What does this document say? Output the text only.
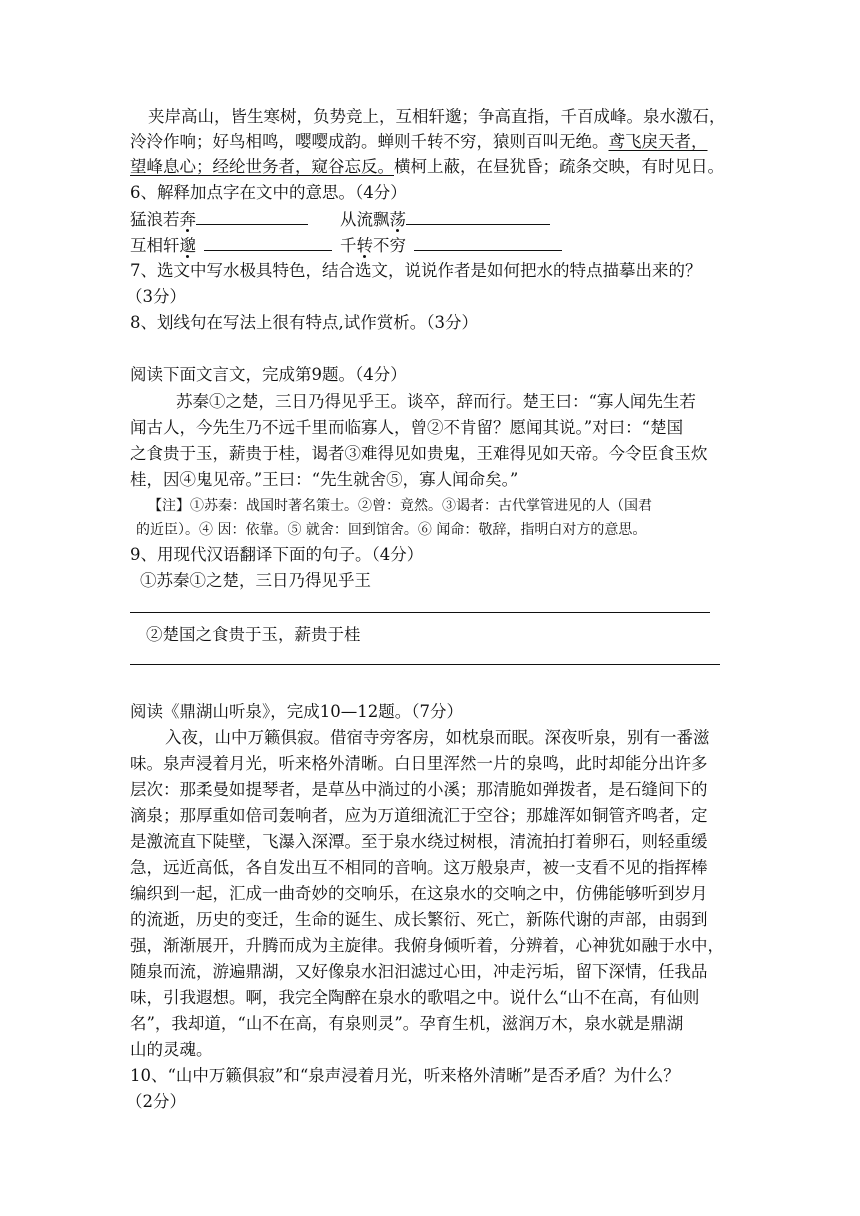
夹岸高山，皆生寒树，负势竞上，互相轩邈；争高直指，千百成峰。泉水激石，
泠泠作响；好鸟相鸣，嘤嘤成韵。蝉则千转不穷，猿则百叫无绝。鸢飞戾天者，
望峰息心；经纶世务者，窥谷忘反。横柯上蔽，在昼犹昏；疏条交映，有时见日。
6、解释加点字在文中的意思。（4分）
猛浪若奔	从流飘荡
互相轩邈	千转不穷
7、选文中写水极具特色，结合选文，说说作者是如何把水的特点描摹出来的？
（3分）
8、划线句在写法上很有特点,试作赏析。（3分）
阅读下面文言文，完成第9题。（4分）
苏秦①之楚，三日乃得见乎王。谈卒，辞而行。楚王曰：“寡人闻先生若
闻古人，今先生乃不远千里而临寡人，曾②不肯留？愿闻其说。”对曰：“楚国
之食贵于玉，薪贵于桂，谒者③难得见如贵鬼，王难得见如天帝。今令臣食玉炊
桂，因④鬼见帝。”王曰：“先生就舍⑤，寡人闻命矣。”
【注】①苏秦：战国时著名策士。②曾：竟然。③谒者：古代掌管进见的人（国君
的近臣）。④ 因：依靠。⑤ 就舍：回到馆舍。⑥ 闻命：敬辞，指明白对方的意思。
9、用现代汉语翻译下面的句子。（4分）
①苏秦①之楚，三日乃得见乎王
②楚国之食贵于玉，薪贵于桂
阅读《鼎湖山听泉》，完成10—12题。（7分）
入夜，山中万籁俱寂。借宿寺旁客房，如枕泉而眠。深夜听泉，别有一番滋
味。泉声浸着月光，听来格外清晰。白日里浑然一片的泉鸣，此时却能分出许多
层次：那柔曼如提琴者，是草丛中淌过的小溪；那清脆如弹拨者，是石缝间下的
滴泉；那厚重如倍司轰响者，应为万道细流汇于空谷；那雄浑如铜管齐鸣者，定
是激流直下陡壁，飞瀑入深潭。至于泉水绕过树根，清流拍打着卵石，则轻重缓
急，远近高低，各自发出互不相同的音响。这万般泉声，被一支看不见的指挥棒
编织到一起，汇成一曲奇妙的交响乐，在这泉水的交响之中，仿佛能够听到岁月
的流逝，历史的变迁，生命的诞生、成长繁衍、死亡，新陈代谢的声部，由弱到
强，渐渐展开，升腾而成为主旋律。我俯身倾听着，分辨着，心神犹如融于水中，
随泉而流，游遍鼎湖，又好像泉水汩汩滤过心田，冲走污垢，留下深情，任我品
味，引我遐想。啊，我完全陶醉在泉水的歌唱之中。说什么“山不在高，有仙则
名”，我却道，“山不在高，有泉则灵”。孕育生机，滋润万木，泉水就是鼎湖
山的灵魂。
10、“山中万籁俱寂”和“泉声浸着月光，听来格外清晰”是否矛盾？为什么？
（2分）
